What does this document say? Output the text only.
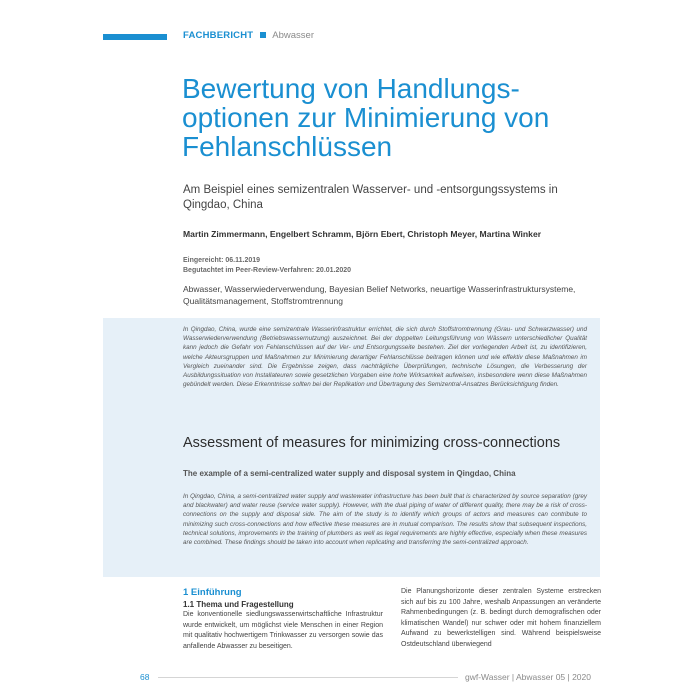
FACHBERICHT Abwasser
Bewertung von Handlungs-optionen zur Minimierung von Fehlanschlüssen
Am Beispiel eines semizentralen Wasserver- und -entsorgungssystems in Qingdao, China
Martin Zimmermann, Engelbert Schramm, Björn Ebert, Christoph Meyer, Martina Winker
Eingereicht: 06.11.2019
Begutachtet im Peer-Review-Verfahren: 20.01.2020
Abwasser, Wasserwiederverwendung, Bayesian Belief Networks, neuartige Wasserinfrastruktursysteme, Qualitätsmanagement, Stoffstromtrennung
In Qingdao, China, wurde eine semizentrale Wasserinfrastruktur errichtet, die sich durch Stoffstromtrennung (Grau- und Schwarzwasser) und Wasserwiederverwendung (Betriebswassernutzung) auszeichnet. Bei der doppelten Leitungsführung von Wässern unterschiedlicher Qualität kann jedoch die Gefahr von Fehlanschlüssen auf der Ver- und Entsorgungsseite bestehen. Ziel der vorliegenden Arbeit ist, zu identifizieren, welche Akteursgruppen und Maßnahmen zur Minimierung derartiger Fehlanschlüsse beitragen können und wie effektiv diese Maßnahmen im Vergleich zueinander sind. Die Ergebnisse zeigen, dass nachträgliche Überprüfungen, technische Lösungen, die Verbesserung der Ausbildungssituation von Installateuren sowie gesetzlichen Vorgaben eine hohe Wirksamkeit aufweisen, insbesondere wenn diese Maßnahmen gebündelt werden. Diese Erkenntnisse sollten bei der Replikation und Übertragung des Semizentral-Ansatzes Berücksichtigung finden.
Assessment of measures for minimizing cross-connections
The example of a semi-centralized water supply and disposal system in Qingdao, China
In Qingdao, China, a semi-centralized water supply and wastewater infrastructure has been built that is characterized by source separation (grey and blackwater) and water reuse (service water supply). However, with the dual piping of water of different quality, there may be a risk of cross-connections on the supply and disposal side. The aim of the study is to identify which groups of actors and measures can contribute to minimizing such cross-connections and how effective these measures are in mutual comparison. The results show that subsequent inspections, technical solutions, improvements in the training of plumbers as well as legal requirements are highly effective, especially when these measures are combined. These findings should be taken into account when replicating and transferring the semi-centralized approach.
1 Einführung
1.1 Thema und Fragestellung
Die konventionelle siedlungswasserwirtschaftliche Infrastruktur wurde entwickelt, um möglichst viele Menschen in einer Region mit qualitativ hochwertigem Trinkwasser zu versorgen sowie das anfallende Abwasser zu beseitigen.
Die Planungshorizonte dieser zentralen Systeme erstrecken sich auf bis zu 100 Jahre, weshalb Anpassungen an veränderte Rahmenbedingungen (z. B. bedingt durch demografischen oder klimatischen Wandel) nur schwer oder mit hohem finanziellem Aufwand zu bewerkstelligen sind. Während beispielsweise Ostdeutschland überwiegend
68	gwf-Wasser | Abwasser 05 | 2020
